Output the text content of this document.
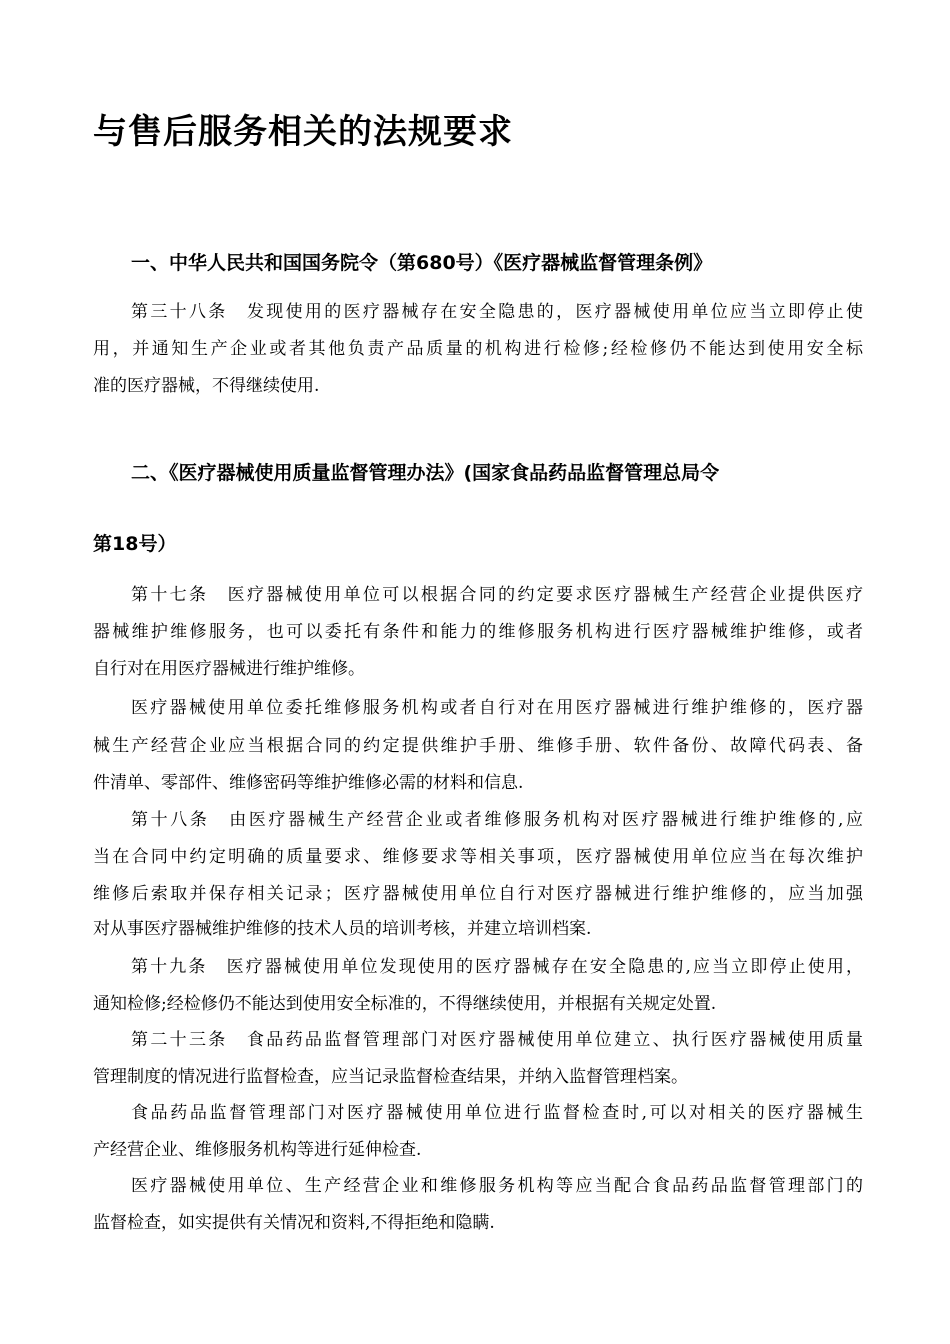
与售后服务相关的法规要求
一、中华人民共和国国务院令（第680号）《医疗器械监督管理条例》
第三十八条　发现使用的医疗器械存在安全隐患的，医疗器械使用单位应当立即停止使
用，并通知生产企业或者其他负责产品质量的机构进行检修;经检修仍不能达到使用安全标
准的医疗器械，不得继续使用.
二、《医疗器械使用质量监督管理办法》(国家食品药品监督管理总局令
第18号）
第十七条　医疗器械使用单位可以根据合同的约定要求医疗器械生产经营企业提供医疗
器械维护维修服务，也可以委托有条件和能力的维修服务机构进行医疗器械维护维修，或者
自行对在用医疗器械进行维护维修。
医疗器械使用单位委托维修服务机构或者自行对在用医疗器械进行维护维修的，医疗器
械生产经营企业应当根据合同的约定提供维护手册、维修手册、软件备份、故障代码表、备
件清单、零部件、维修密码等维护维修必需的材料和信息.
第十八条　由医疗器械生产经营企业或者维修服务机构对医疗器械进行维护维修的,应
当在合同中约定明确的质量要求、维修要求等相关事项，医疗器械使用单位应当在每次维护
维修后索取并保存相关记录；医疗器械使用单位自行对医疗器械进行维护维修的，应当加强
对从事医疗器械维护维修的技术人员的培训考核，并建立培训档案.
第十九条　医疗器械使用单位发现使用的医疗器械存在安全隐患的,应当立即停止使用，
通知检修;经检修仍不能达到使用安全标准的，不得继续使用，并根据有关规定处置.
第二十三条　食品药品监督管理部门对医疗器械使用单位建立、执行医疗器械使用质量
管理制度的情况进行监督检查，应当记录监督检查结果，并纳入监督管理档案。
食品药品监督管理部门对医疗器械使用单位进行监督检查时,可以对相关的医疗器械生
产经营企业、维修服务机构等进行延伸检查.
医疗器械使用单位、生产经营企业和维修服务机构等应当配合食品药品监督管理部门的
监督检查，如实提供有关情况和资料,不得拒绝和隐瞒.
